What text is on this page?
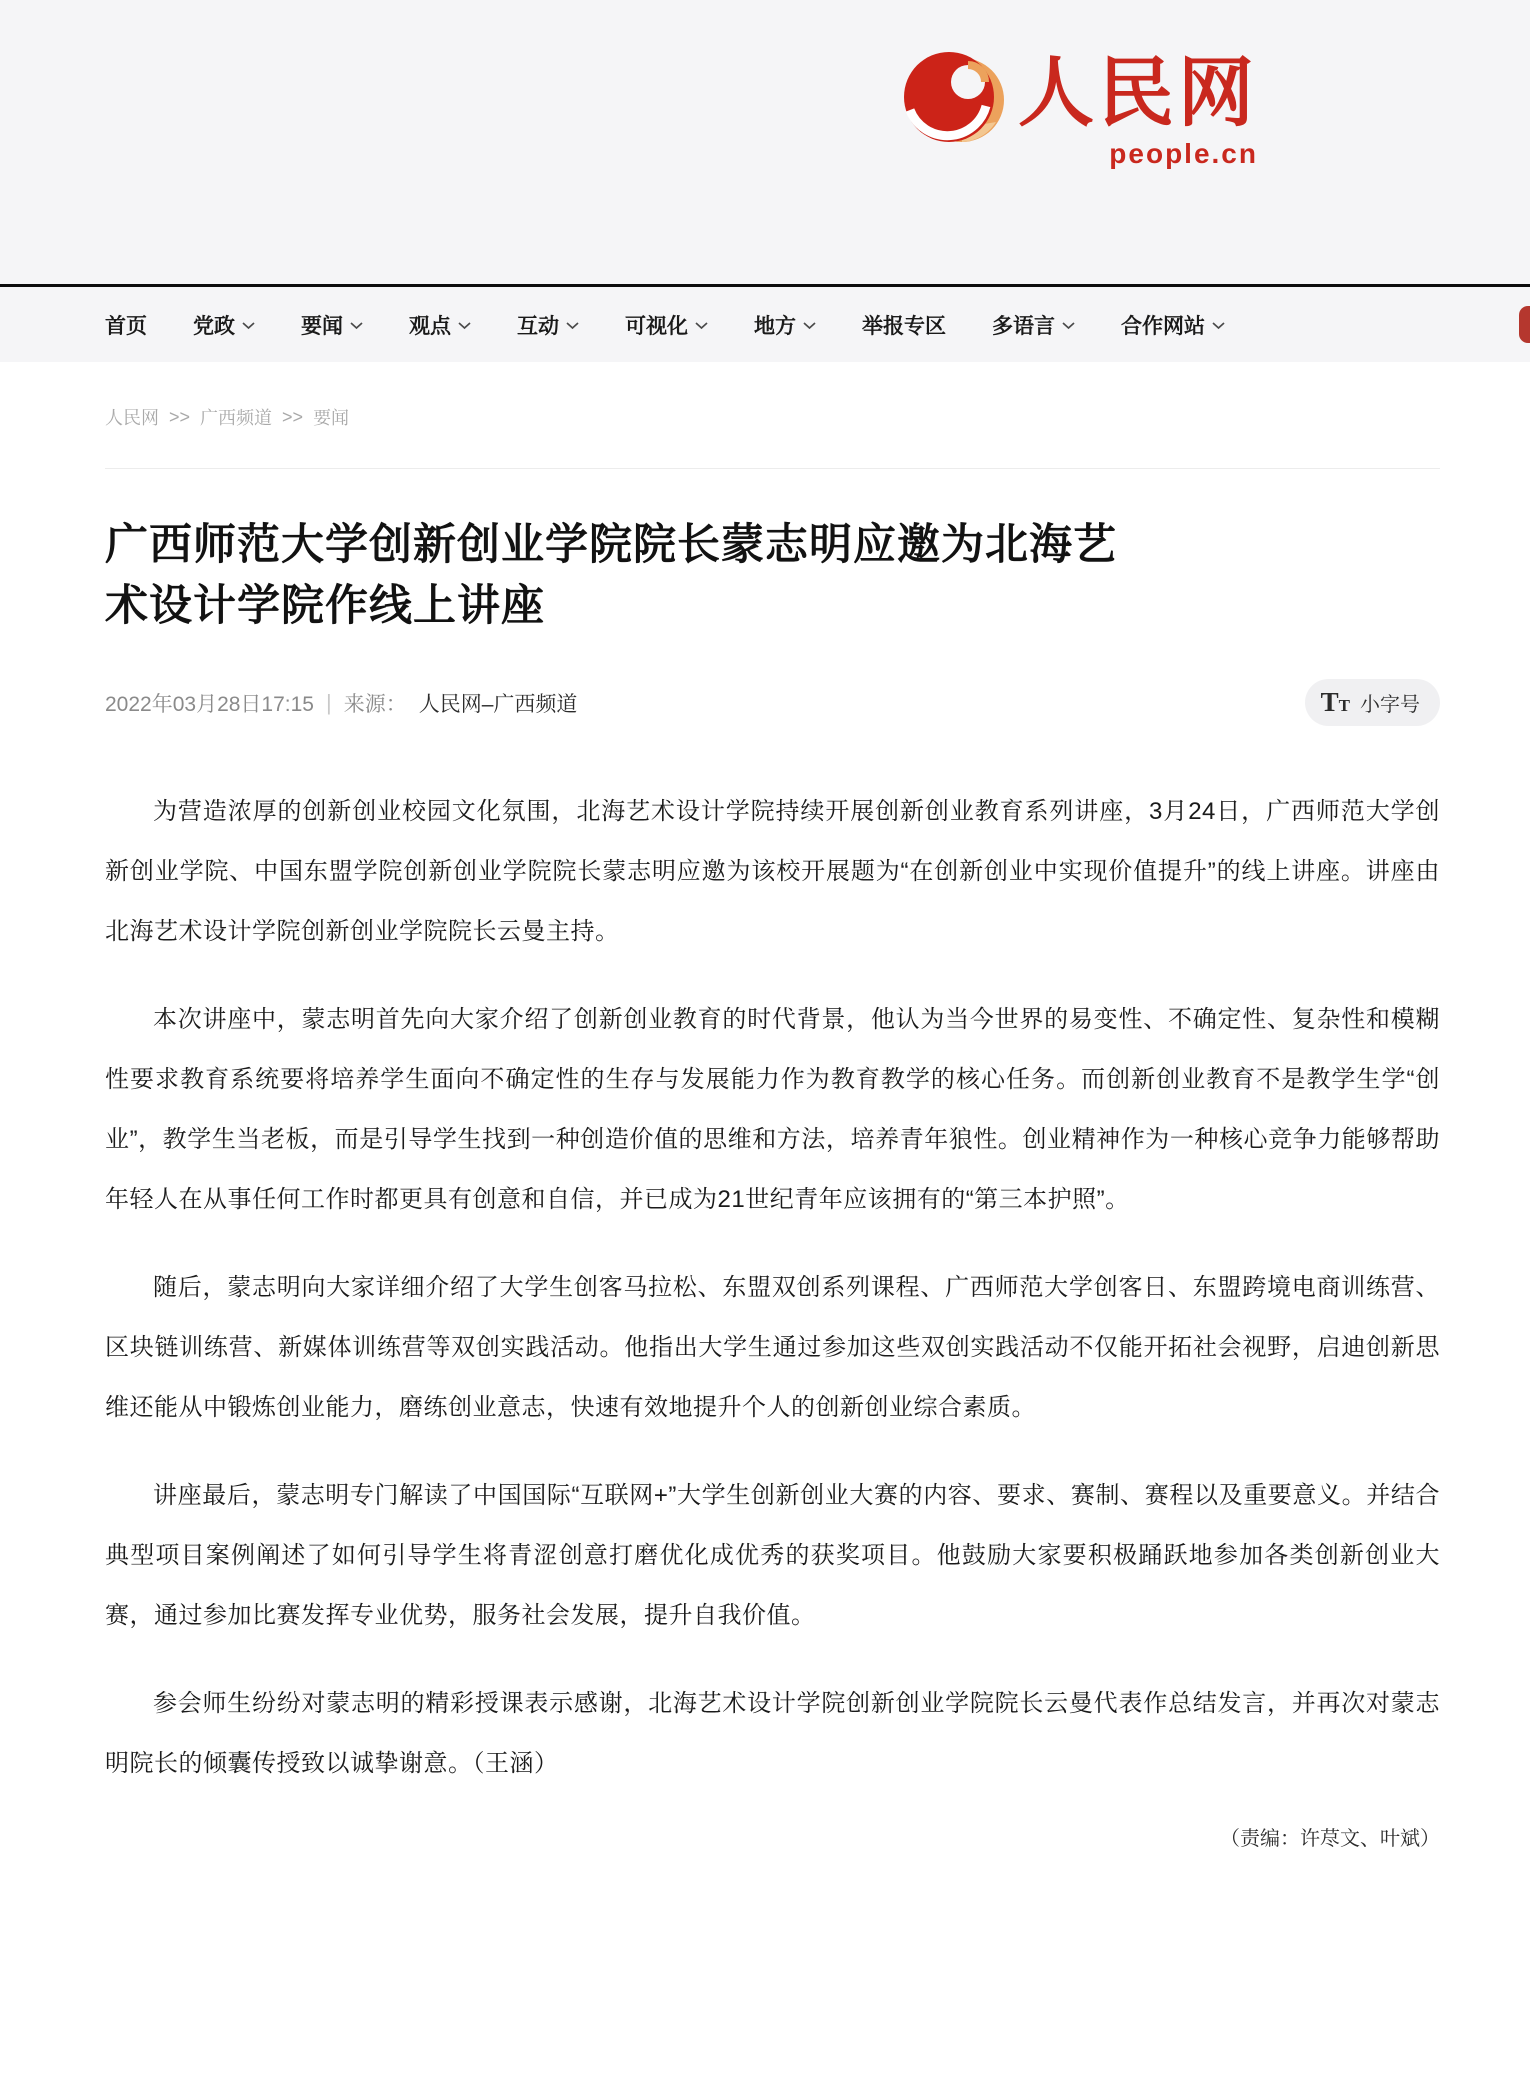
人民网
people.cn
首页 党政	要闻	观点	互动	可视化	地方	举报专区 多语言	合作网站
人民网 >> 广西频道 >> 要闻
广西师范大学创新创业学院院长蒙志明应邀为北海艺术设计学院作线上讲座
2022年03月28日17:15 | 来源： 人民网–广西频道	TT 小字号

为营造浓厚的创新创业校园文化氛围，北海艺术设计学院持续开展创新创业教育系列讲座，3月24日，广西师范大学创新创业学院、中国东盟学院创新创业学院院长蒙志明应邀为该校开展题为“在创新创业中实现价值提升”的线上讲座。讲座由北海艺术设计学院创新创业学院院长云曼主持。

本次讲座中，蒙志明首先向大家介绍了创新创业教育的时代背景，他认为当今世界的易变性、不确定性、复杂性和模糊性要求教育系统要将培养学生面向不确定性的生存与发展能力作为教育教学的核心任务。而创新创业教育不是教学生学“创业”，教学生当老板，而是引导学生找到一种创造价值的思维和方法，培养青年狼性。创业精神作为一种核心竞争力能够帮助年轻人在从事任何工作时都更具有创意和自信，并已成为21世纪青年应该拥有的“第三本护照”。

随后，蒙志明向大家详细介绍了大学生创客马拉松、东盟双创系列课程、广西师范大学创客日、东盟跨境电商训练营、区块链训练营、新媒体训练营等双创实践活动。他指出大学生通过参加这些双创实践活动不仅能开拓社会视野，启迪创新思维还能从中锻炼创业能力，磨练创业意志，快速有效地提升个人的创新创业综合素质。

讲座最后，蒙志明专门解读了中国国际“互联网+”大学生创新创业大赛的内容、要求、赛制、赛程以及重要意义。并结合典型项目案例阐述了如何引导学生将青涩创意打磨优化成优秀的获奖项目。他鼓励大家要积极踊跃地参加各类创新创业大赛，通过参加比赛发挥专业优势，服务社会发展，提升自我价值。

参会师生纷纷对蒙志明的精彩授课表示感谢，北海艺术设计学院创新创业学院院长云曼代表作总结发言，并再次对蒙志明院长的倾囊传授致以诚挚谢意。（王涵）

（责编：许荩文、叶斌）
